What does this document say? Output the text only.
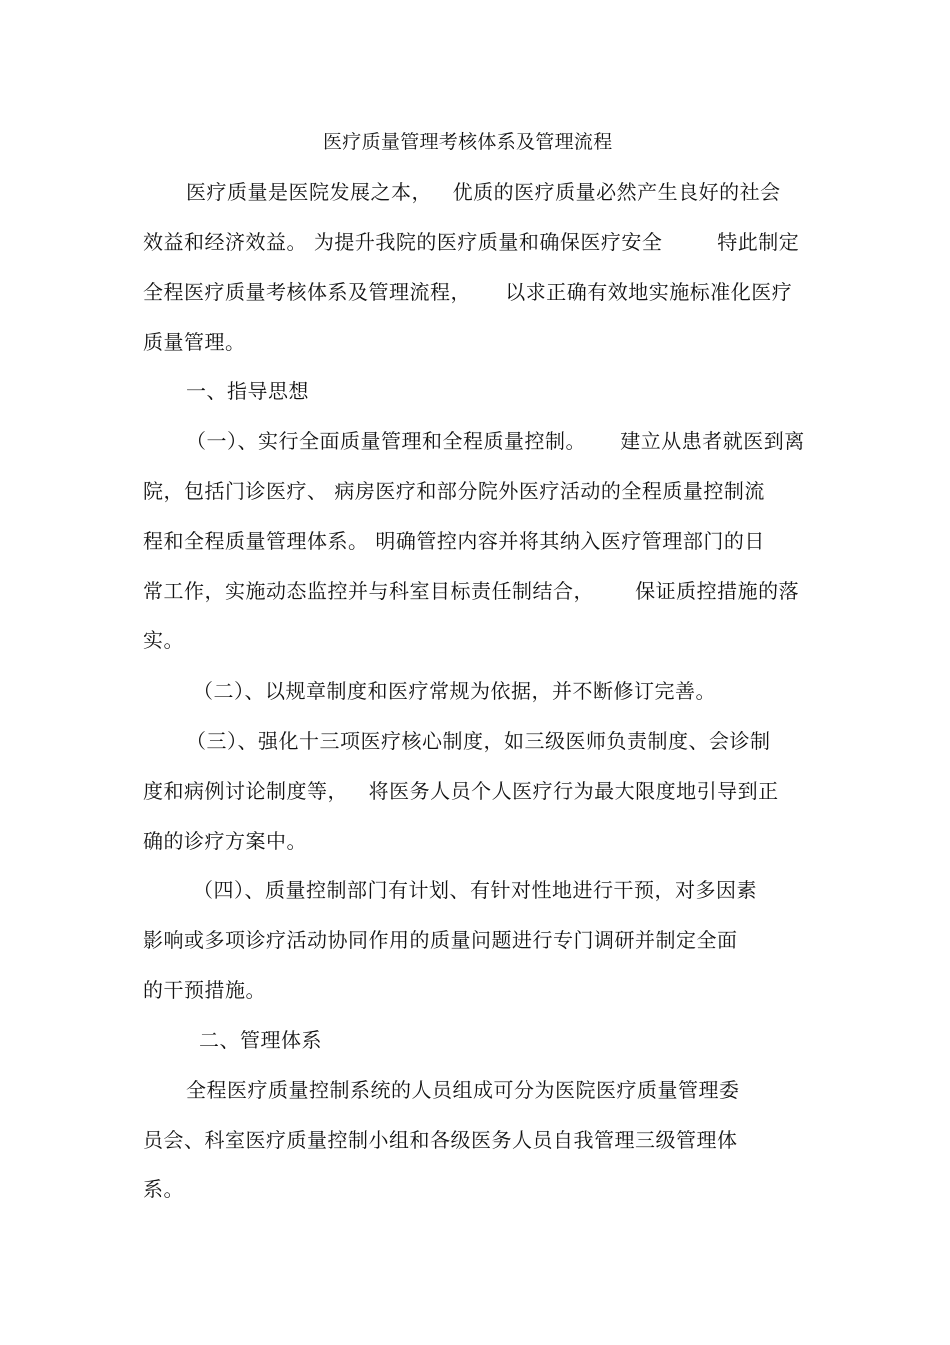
医疗质量管理考核体系及管理流程
医疗质量是医院发展之本，   优质的医疗质量必然产生良好的社会
效益和经济效益。 为提升我院的医疗质量和确保医疗安全        特此制定
全程医疗质量考核体系及管理流程，     以求正确有效地实施标准化医疗
质量管理。
一、指导思想
（一）、实行全面质量管理和全程质量控制。     建立从患者就医到离
院，包括门诊医疗、 病房医疗和部分院外医疗活动的全程质量控制流
程和全程质量管理体系。 明确管控内容并将其纳入医疗管理部门的日
常工作，实施动态监控并与科室目标责任制结合，      保证质控措施的落
实。
（二）、以规章制度和医疗常规为依据，并不断修订完善。
（三）、强化十三项医疗核心制度，如三级医师负责制度、会诊制
度和病例讨论制度等，   将医务人员个人医疗行为最大限度地引导到正
确的诊疗方案中。
（四）、质量控制部门有计划、有针对性地进行干预，对多因素
影响或多项诊疗活动协同作用的质量问题进行专门调研并制定全面
的干预措施。
二、管理体系
全程医疗质量控制系统的人员组成可分为医院医疗质量管理委
员会、科室医疗质量控制小组和各级医务人员自我管理三级管理体
系。
